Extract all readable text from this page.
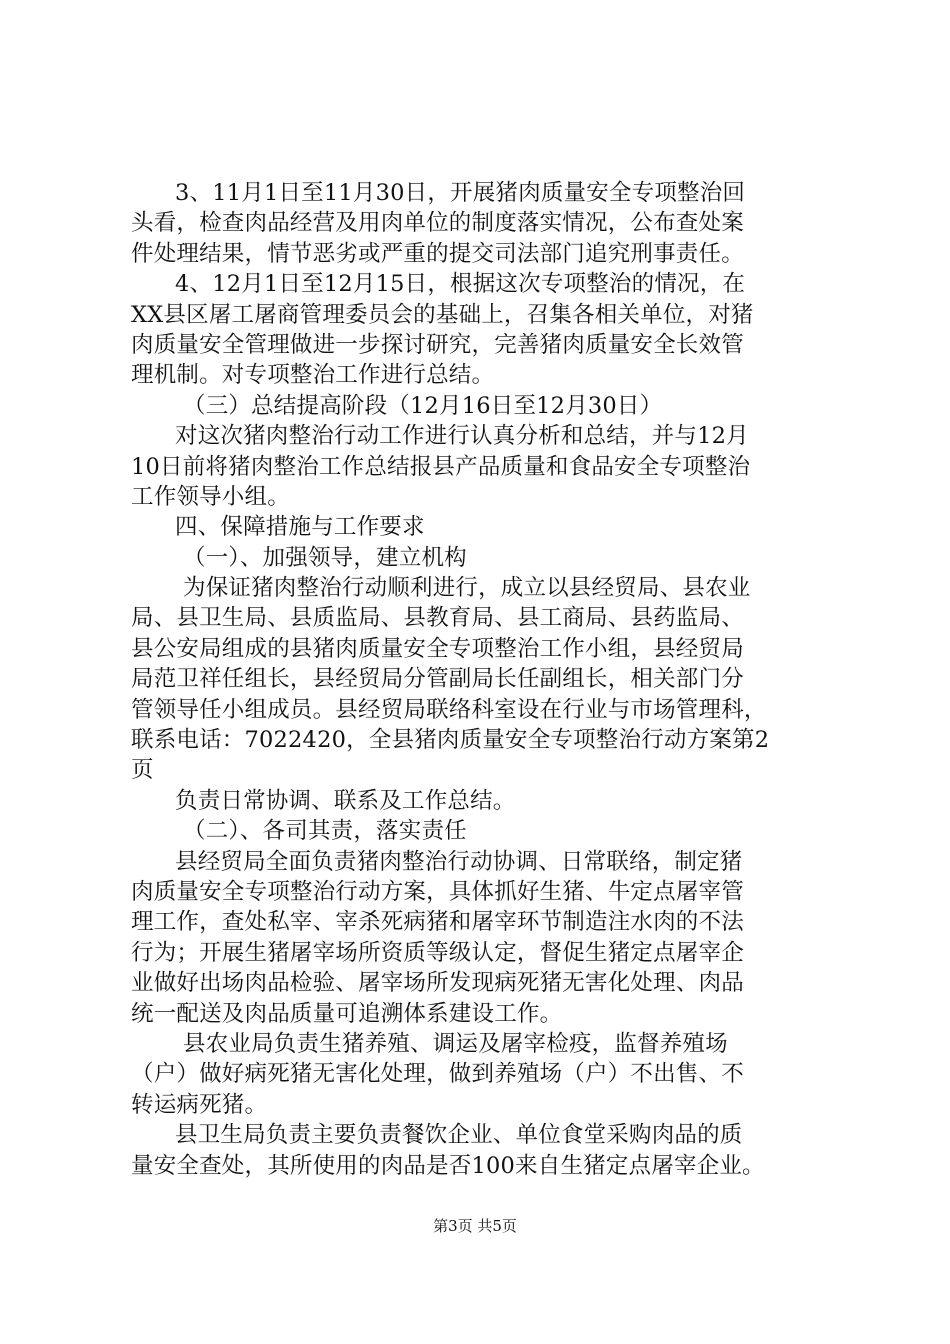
3、11月1日至11月30日，开展猪肉质量安全专项整治回
头看，检查肉品经营及用肉单位的制度落实情况，公布查处案
件处理结果，情节恶劣或严重的提交司法部门追究刑事责任。
4、12月1日至12月15日，根据这次专项整治的情况，在
XX县区屠工屠商管理委员会的基础上，召集各相关单位，对猪
肉质量安全管理做进一步探讨研究，完善猪肉质量安全长效管
理机制。对专项整治工作进行总结。
（三）总结提高阶段（12月16日至12月30日）
对这次猪肉整治行动工作进行认真分析和总结，并与12月
10日前将猪肉整治工作总结报县产品质量和食品安全专项整治
工作领导小组。
四、保障措施与工作要求
（一）、加强领导，建立机构
为保证猪肉整治行动顺利进行，成立以县经贸局、县农业
局、县卫生局、县质监局、县教育局、县工商局、县药监局、
县公安局组成的县猪肉质量安全专项整治工作小组，县经贸局
局范卫祥任组长，县经贸局分管副局长任副组长，相关部门分
管领导任小组成员。县经贸局联络科室设在行业与市场管理科，
联系电话：7022420，全县猪肉质量安全专项整治行动方案第2
页
负责日常协调、联系及工作总结。
（二）、各司其责，落实责任
县经贸局全面负责猪肉整治行动协调、日常联络，制定猪
肉质量安全专项整治行动方案，具体抓好生猪、牛定点屠宰管
理工作，查处私宰、宰杀死病猪和屠宰环节制造注水肉的不法
行为；开展生猪屠宰场所资质等级认定，督促生猪定点屠宰企
业做好出场肉品检验、屠宰场所发现病死猪无害化处理、肉品
统一配送及肉品质量可追溯体系建设工作。
县农业局负责生猪养殖、调运及屠宰检疫，监督养殖场
（户）做好病死猪无害化处理，做到养殖场（户）不出售、不
转运病死猪。
县卫生局负责主要负责餐饮企业、单位食堂采购肉品的质
量安全查处，其所使用的肉品是否100来自生猪定点屠宰企业。
第3页 共5页
